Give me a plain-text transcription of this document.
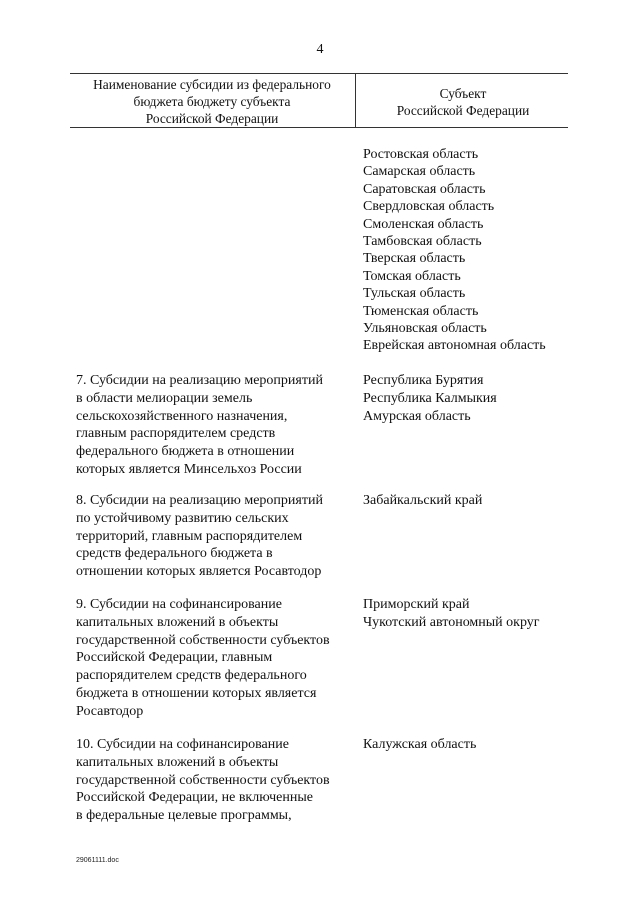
4
Наименование субсидии из федерального
бюджета бюджету субъекта
Российской Федерации
Субъект
Российской Федерации
Ростовская область
Самарская область
Саратовская область
Свердловская область
Смоленская область
Тамбовская область
Тверская область
Томская область
Тульская область
Тюменская область
Ульяновская область
Еврейская автономная область
7. Субсидии на реализацию мероприятий
в области мелиорации земель
сельскохозяйственного назначения,
главным распорядителем средств
федерального бюджета в отношении
которых является Минсельхоз России
Республика Бурятия
Республика Калмыкия
Амурская область
8. Субсидии на реализацию мероприятий
по устойчивому развитию сельских
территорий, главным распорядителем
средств федерального бюджета в
отношении которых является Росавтодор
Забайкальский край
9. Субсидии на софинансирование
капитальных вложений в объекты
государственной собственности субъектов
Российской Федерации, главным
распорядителем средств федерального
бюджета в отношении которых является
Росавтодор
Приморский край
Чукотский автономный округ
10. Субсидии на софинансирование
капитальных вложений в объекты
государственной собственности субъектов
Российской Федерации, не включенные
в федеральные целевые программы,
Калужская область
29061111.doc
